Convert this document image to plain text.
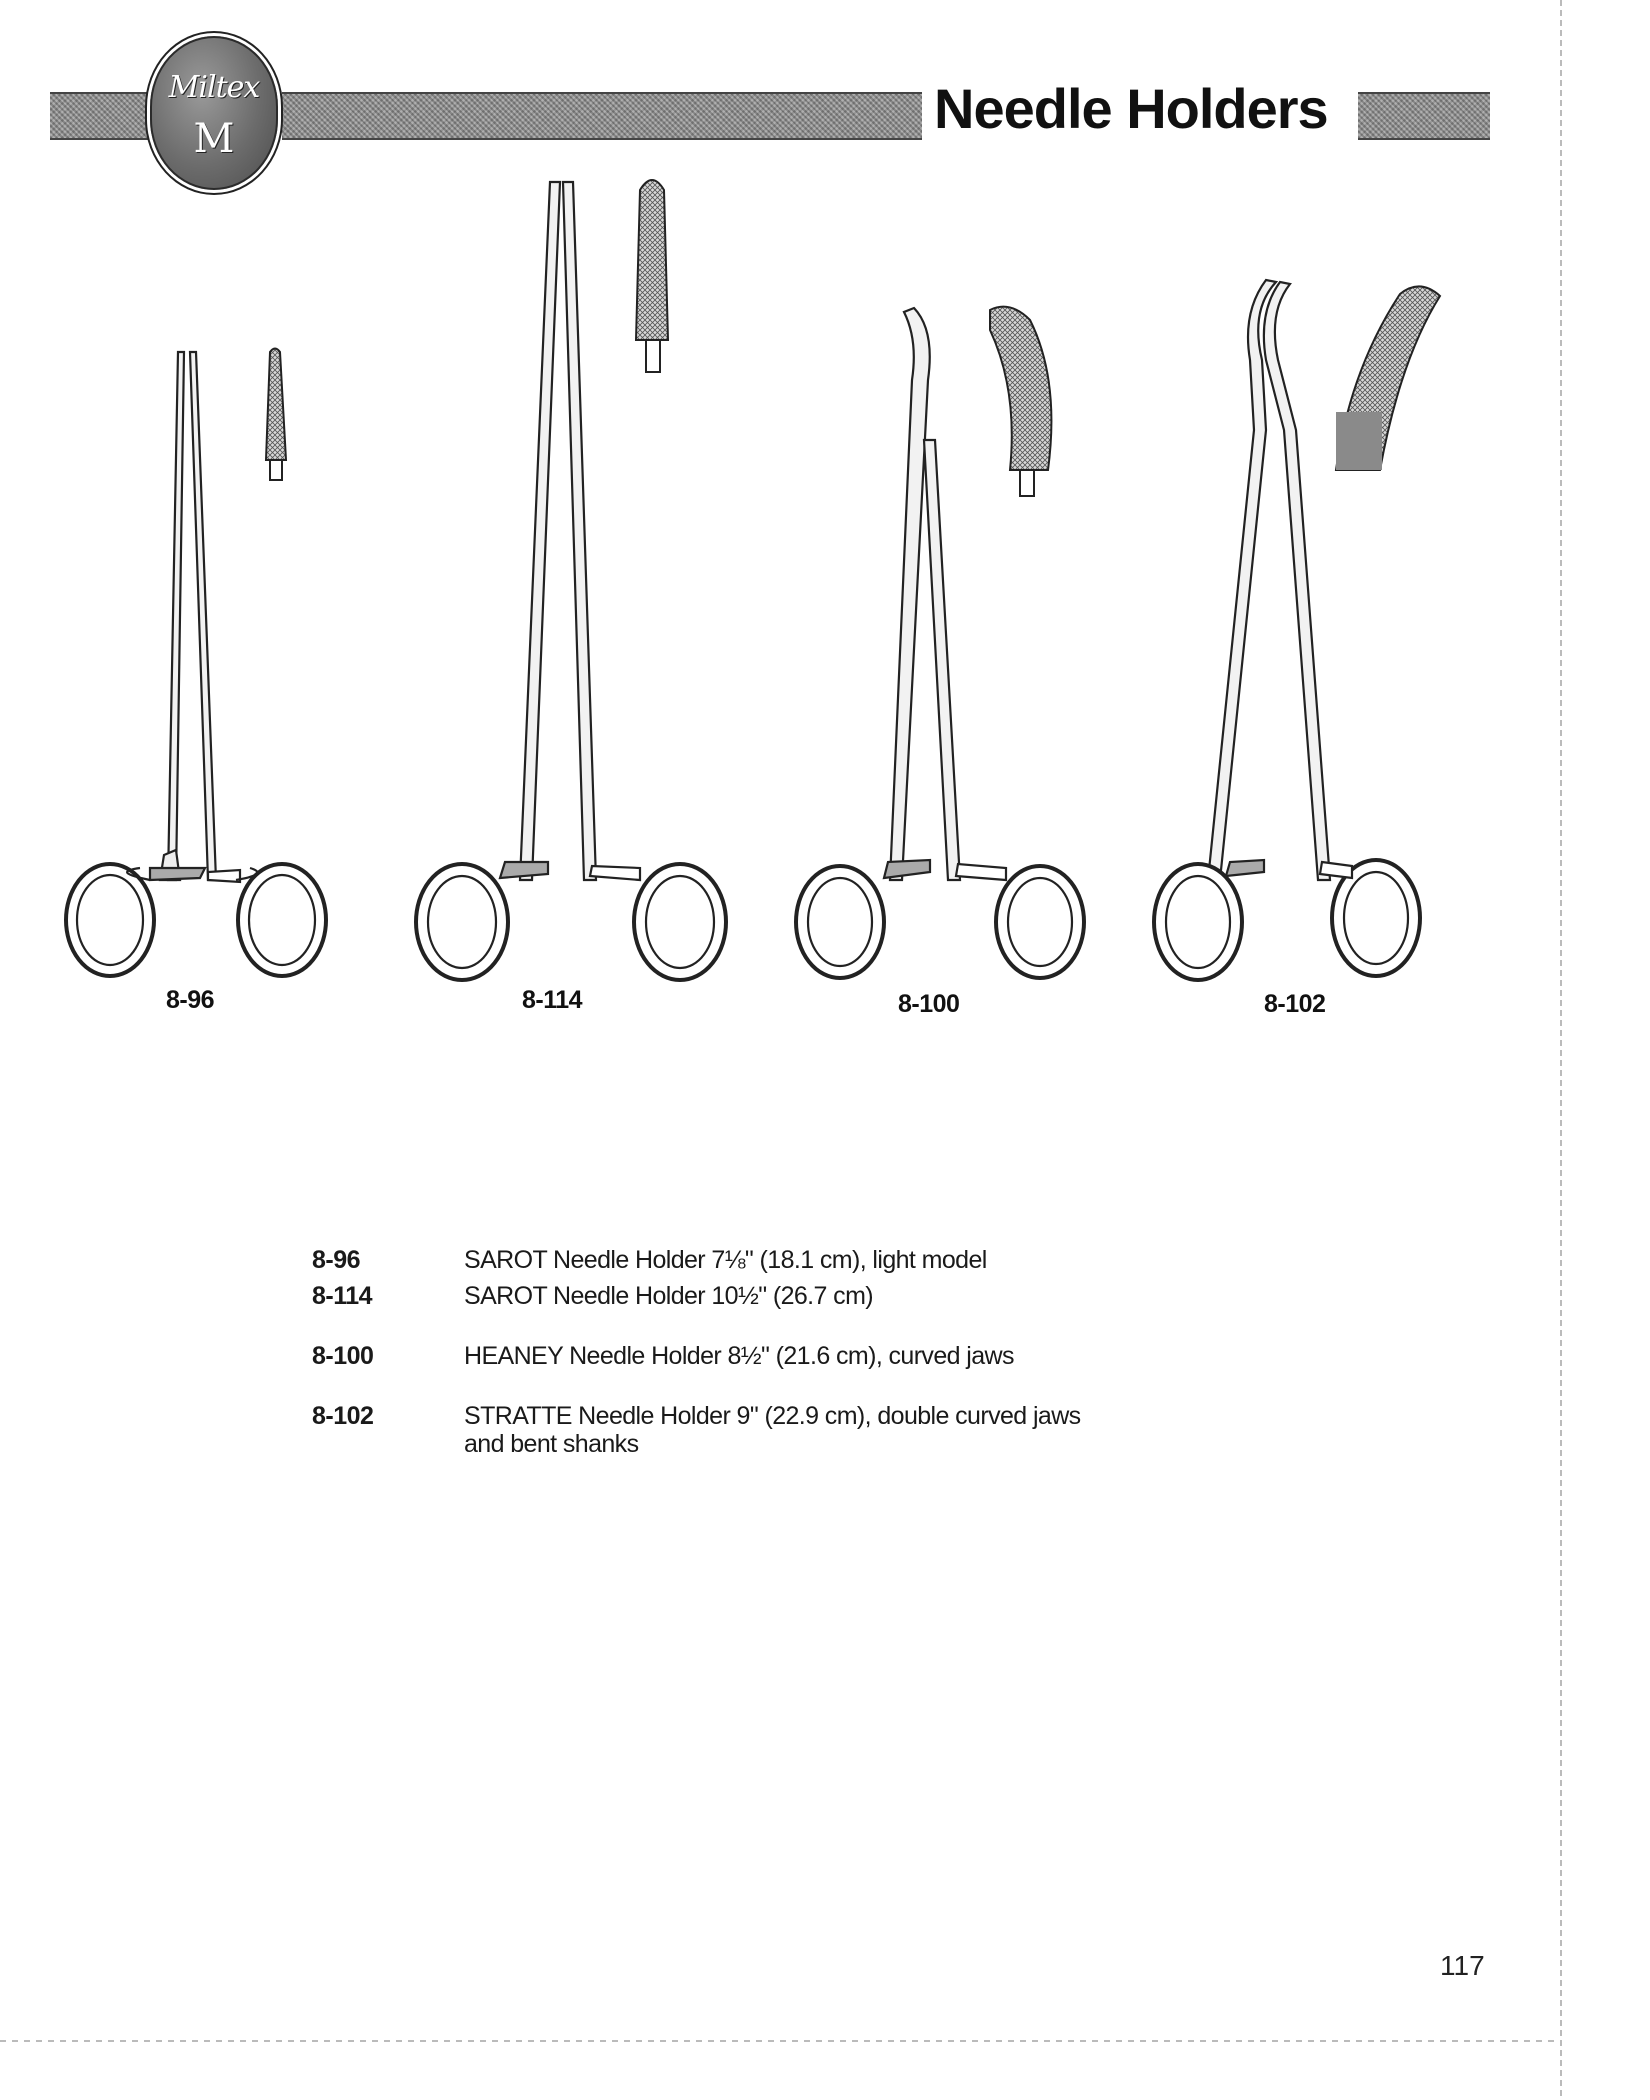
Miltex
M	Needle Holders
8-96	8-114	8-100	8-102
8-96	SAROT Needle Holder 7⅛" (18.1 cm), light model
8-114	SAROT Needle Holder 10½" (26.7 cm)
8-100	HEANEY Needle Holder 8½" (21.6 cm), curved jaws
8-102	STRATTE Needle Holder 9" (22.9 cm), double curved jaws and bent shanks
117
